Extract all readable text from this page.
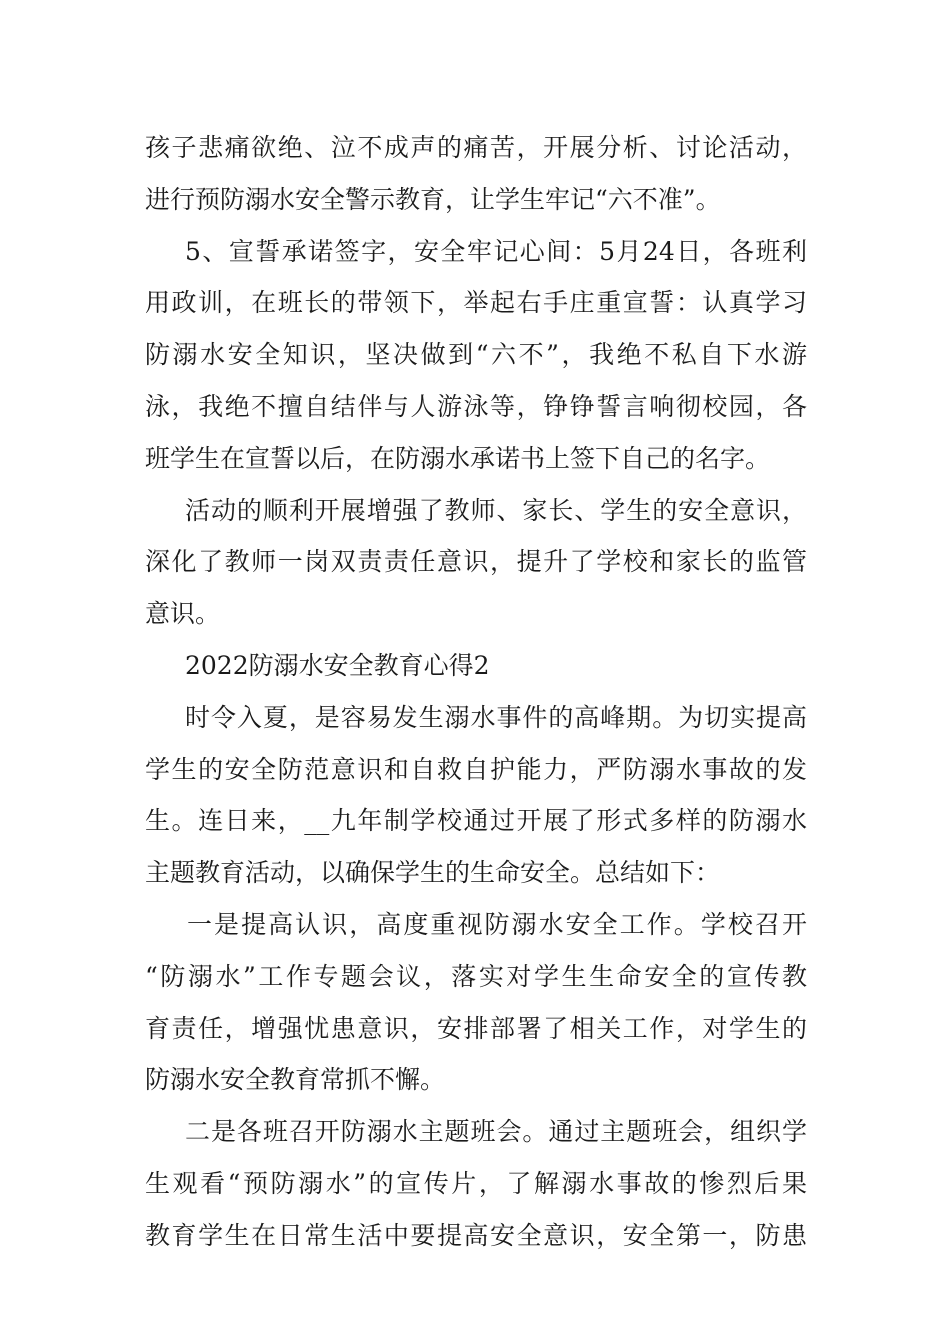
孩子悲痛欲绝、泣不成声的痛苦，开展分析、讨论活动，
进行预防溺水安全警示教育，让学生牢记“六不准”。
5、宣誓承诺签字，安全牢记心间：5月24日，各班利
用政训，在班长的带领下，举起右手庄重宣誓：认真学习
防溺水安全知识，坚决做到“六不”，我绝不私自下水游
泳，我绝不擅自结伴与人游泳等，铮铮誓言响彻校园，各
班学生在宣誓以后，在防溺水承诺书上签下自己的名字。
活动的顺利开展增强了教师、家长、学生的安全意识，
深化了教师一岗双责责任意识，提升了学校和家长的监管
意识。
2022防溺水安全教育心得2
时令入夏，是容易发生溺水事件的高峰期。为切实提高
学生的安全防范意识和自救自护能力，严防溺水事故的发
生。连日来，__九年制学校通过开展了形式多样的防溺水
主题教育活动，以确保学生的生命安全。总结如下：
一是提高认识，高度重视防溺水安全工作。学校召开
“防溺水”工作专题会议，落实对学生生命安全的宣传教
育责任，增强忧患意识，安排部署了相关工作，对学生的
防溺水安全教育常抓不懈。
二是各班召开防溺水主题班会。通过主题班会，组织学
生观看“预防溺水”的宣传片，了解溺水事故的惨烈后果
教育学生在日常生活中要提高安全意识，安全第一，防患
